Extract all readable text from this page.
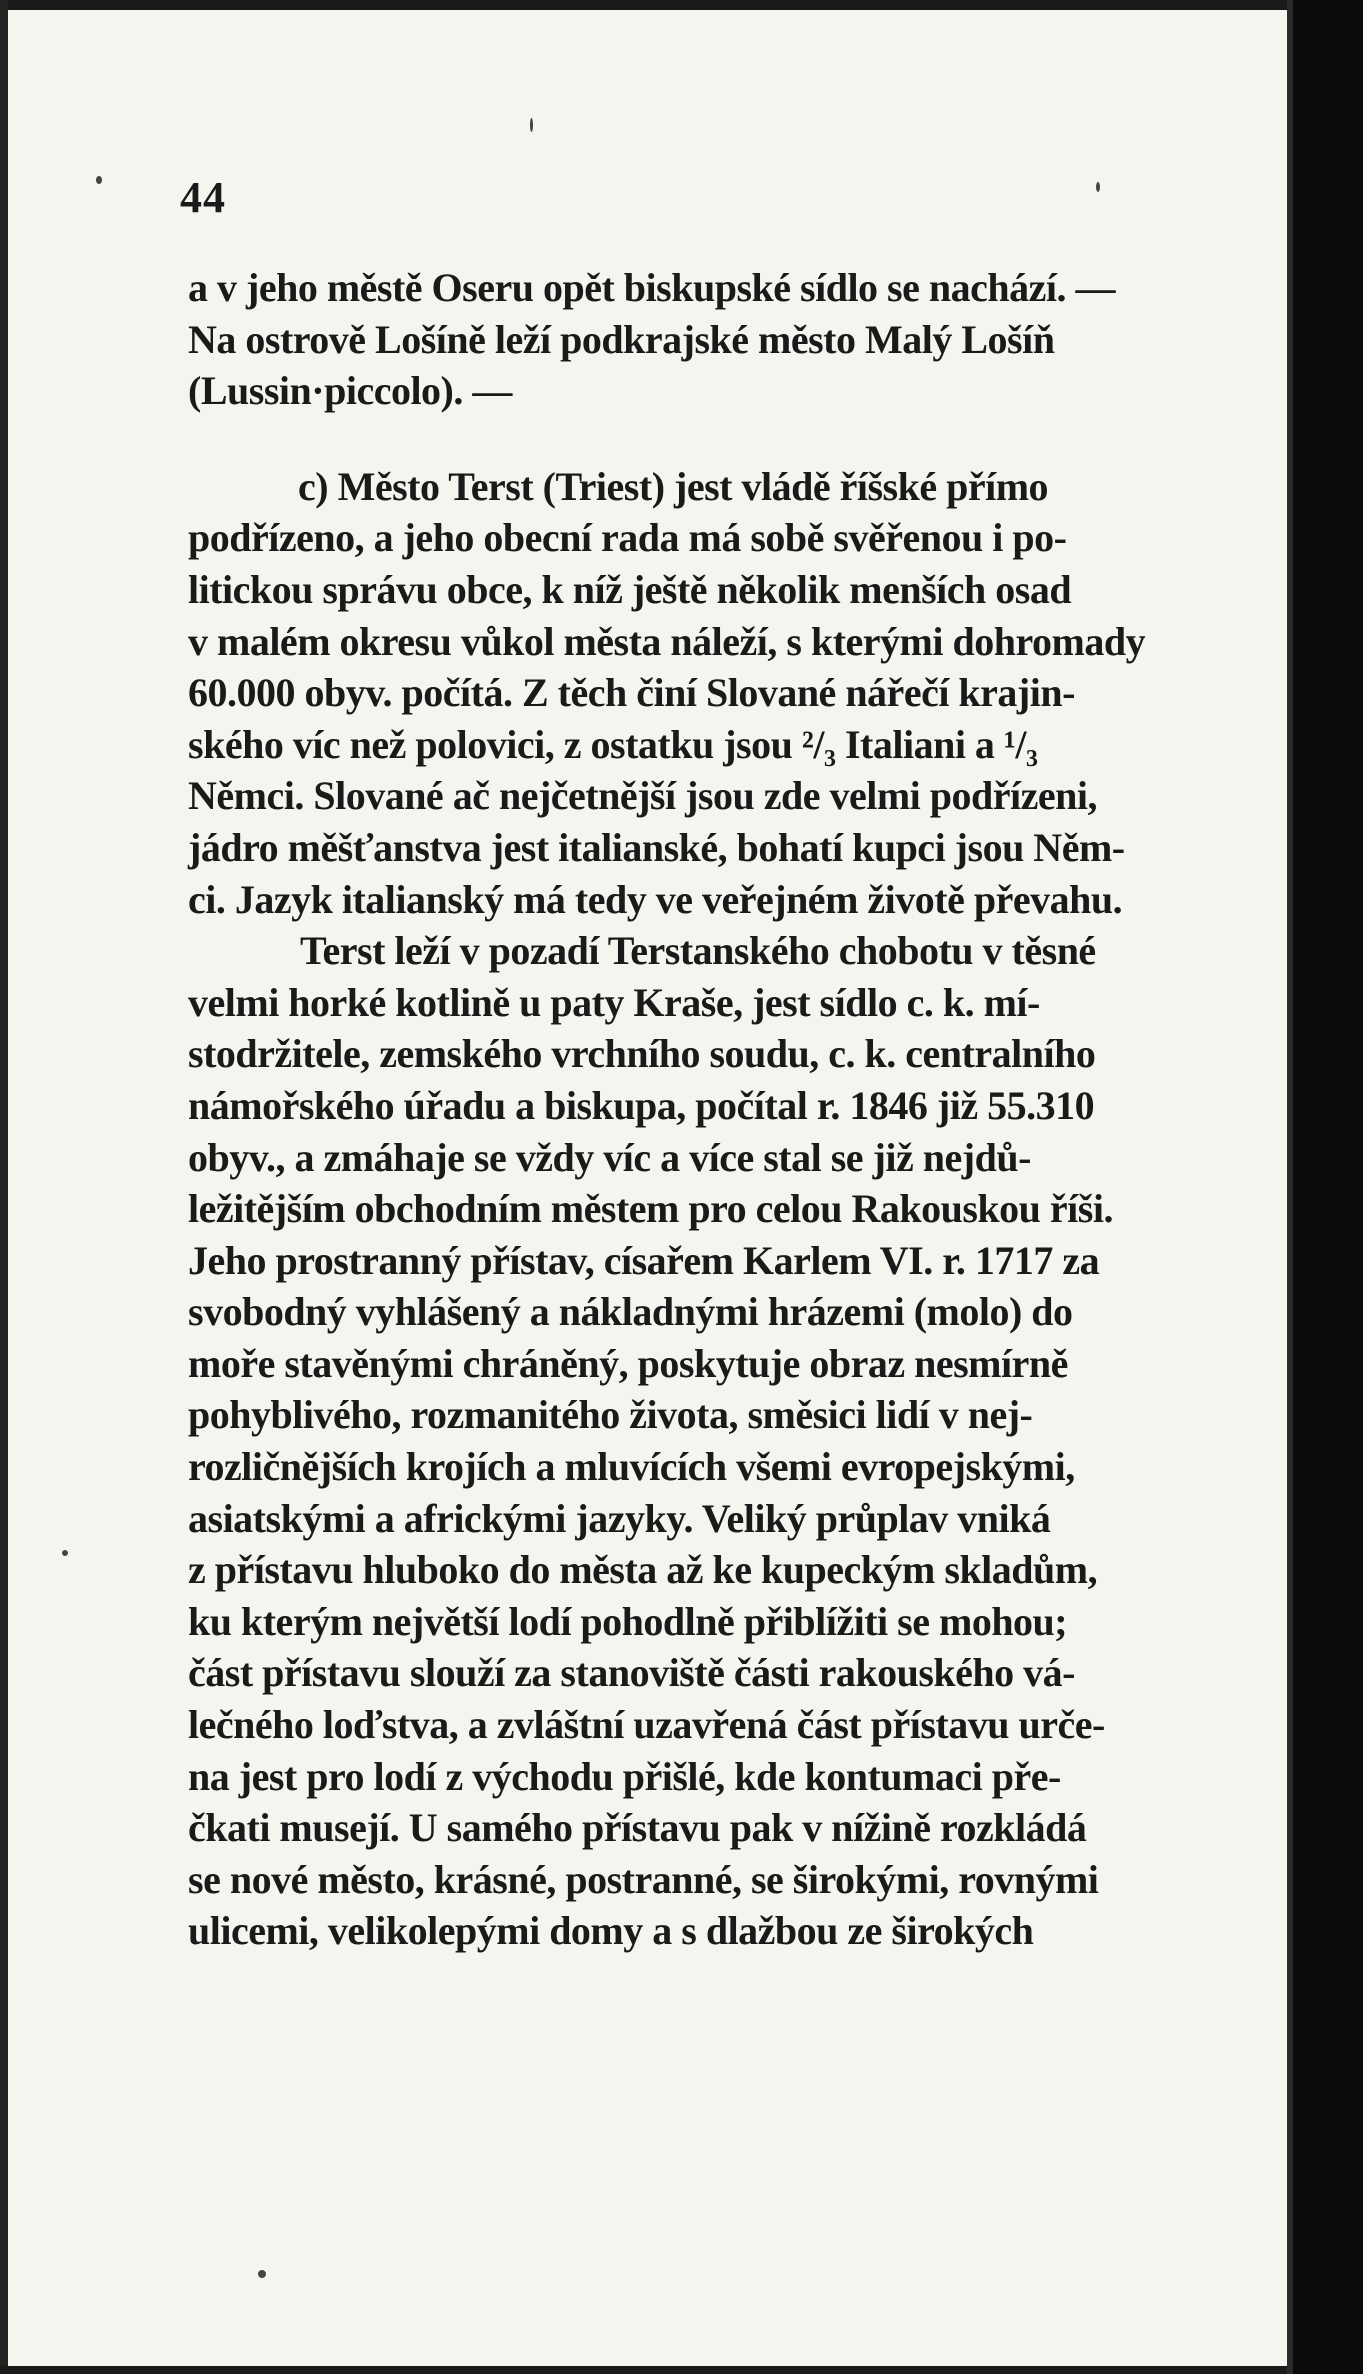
44
a v jeho městě Oseru opět biskupské sídlo se nachází. —
Na ostrově Lošíně leží podkrajské město Malý Lošíň
(Lussin·piccolo). —
c) Město Terst (Triest) jest vládě říšské přímo
podřízeno, a jeho obecní rada má sobě svěřenou i po-
litickou správu obce, k níž ještě několik menších osad
v malém okresu vůkol města náleží, s kterými dohromady
60.000 obyv. počítá. Z těch činí Slované nářečí krajin-
ského víc než polovici, z ostatku jsou ²/₃ Italiani a ¹/₃
Němci. Slované ač nejčetnější jsou zde velmi podřízeni,
jádro měšťanstva jest italianské, bohatí kupci jsou Něm-
ci. Jazyk italianský má tedy ve veřejném životě převahu.
Terst leží v pozadí Terstanského chobotu v těsné
velmi horké kotlině u paty Kraše, jest sídlo c. k. mí-
stodržitele, zemského vrchního soudu, c. k. centralního
námořského úřadu a biskupa, počítal r. 1846 již 55.310
obyv., a zmáhaje se vždy víc a více stal se již nejdů-
ležitějším obchodním městem pro celou Rakouskou říši.
Jeho prostranný přístav, císařem Karlem VI. r. 1717 za
svobodný vyhlášený a nákladnými hrázemi (molo) do
moře stavěnými chráněný, poskytuje obraz nesmírně
pohyblivého, rozmanitého života, směsici lidí v nej-
rozličnějších krojích a mluvících všemi evropejskými,
asiatskými a africkými jazyky. Veliký průplav vniká
z přístavu hluboko do města až ke kupeckým skladům,
ku kterým největší lodí pohodlně přiblížiti se mohou;
část přístavu slouží za stanoviště části rakouského vá-
lečného loďstva, a zvláštní uzavřená část přístavu urče-
na jest pro lodí z východu přišlé, kde kontumaci pře-
čkati musejí. U samého přístavu pak v nížině rozkládá
se nové město, krásné, postranné, se širokými, rovnými
ulicemi, velikolepými domy a s dlažbou ze širokých
